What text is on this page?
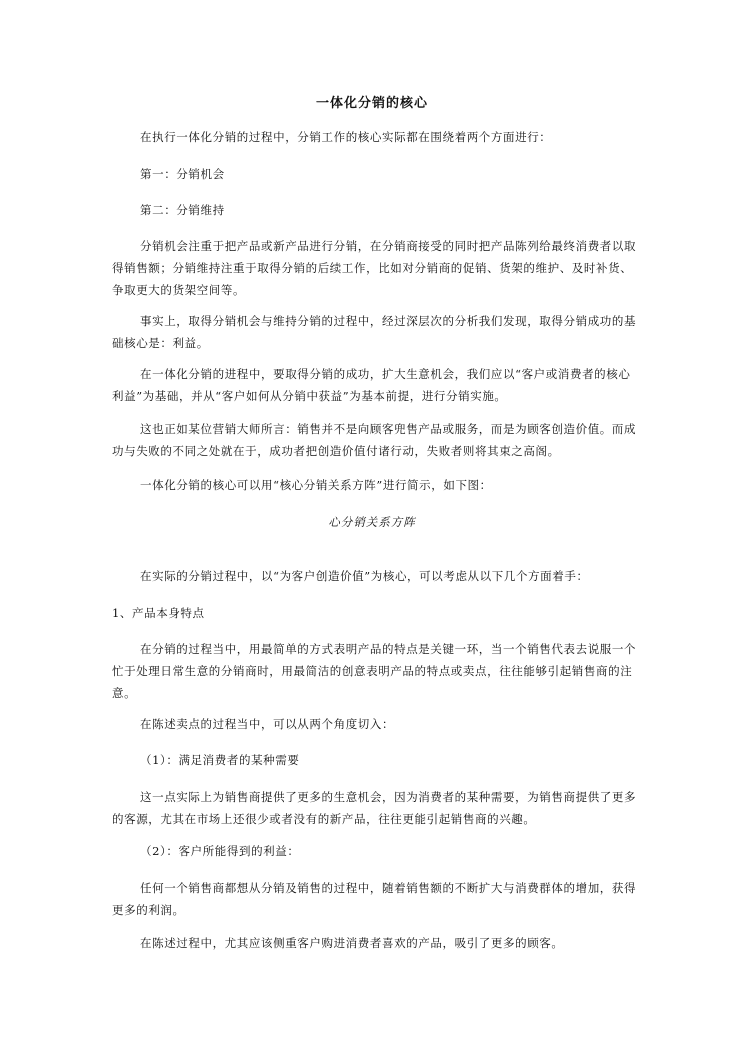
一体化分销的核心

在执行一体化分销的过程中，分销工作的核心实际都在围绕着两个方面进行：

第一：分销机会

第二：分销维持

分销机会注重于把产品或新产品进行分销，在分销商接受的同时把产品陈列给最终消费者以取得销售额；分销维持注重于取得分销的后续工作，比如对分销商的促销、货架的维护、及时补货、争取更大的货架空间等。

事实上，取得分销机会与维持分销的过程中，经过深层次的分析我们发现，取得分销成功的基础核心是：利益。

在一体化分销的进程中，要取得分销的成功，扩大生意机会，我们应以“客户或消费者的核心利益”为基础，并从“客户如何从分销中获益”为基本前提，进行分销实施。

这也正如某位营销大师所言：销售并不是向顾客兜售产品或服务，而是为顾客创造价值。而成功与失败的不同之处就在于，成功者把创造价值付诸行动，失败者则将其束之高阁。

一体化分销的核心可以用“核心分销关系方阵”进行简示，如下图：

心分销关系方阵

在实际的分销过程中，以“为客户创造价值”为核心，可以考虑从以下几个方面着手：

1、产品本身特点

在分销的过程当中，用最简单的方式表明产品的特点是关键一环，当一个销售代表去说服一个忙于处理日常生意的分销商时，用最简洁的创意表明产品的特点或卖点，往往能够引起销售商的注意。

在陈述卖点的过程当中，可以从两个角度切入：

（1）：满足消费者的某种需要

这一点实际上为销售商提供了更多的生意机会，因为消费者的某种需要，为销售商提供了更多的客源，尤其在市场上还很少或者没有的新产品，往往更能引起销售商的兴趣。

（2）：客户所能得到的利益：

任何一个销售商都想从分销及销售的过程中，随着销售额的不断扩大与消费群体的增加，获得更多的利润。

在陈述过程中，尤其应该侧重客户购进消费者喜欢的产品，吸引了更多的顾客。
